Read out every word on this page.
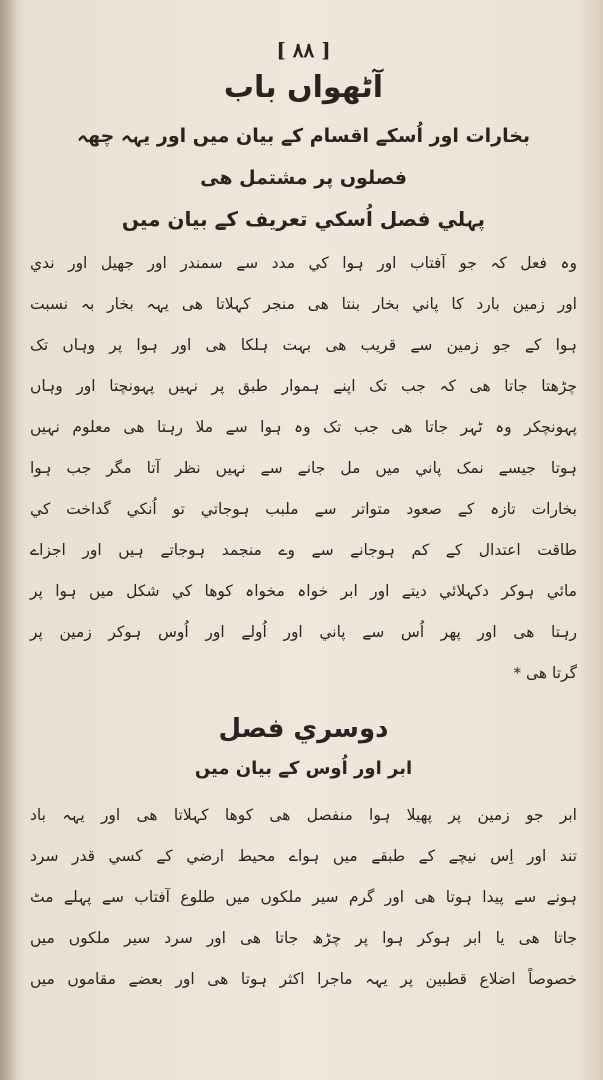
[ ۸۸ ]
آٹھواں باب
بخارات اور اُسکے اقسام کے بیان میں اور یہہ چھہ
فصلوں پر مشتمل ھی
پہلي فصل اُسکي تعریف کے بیان میں
وہ فعل کہ جو آفتاب اور ہوا کي مدد سے سمندر اور جھیل اور ندي
اور زمین بارد کا پاني بخار بنتا ھی منجر کہلاتا ھی یہہ بخار بہ نسبت
ہوا کے جو زمین سے قریب ھی بہت ہلکا ھی اور ہوا پر وہاں تک
چڑھتا جاتا ھی کہ جب تک اپنے ہموار طبق پر نہیں پہونچتا اور وہاں
پہونچکر وہ ٹہر جاتا ھی جب تک وہ ہوا سے ملا رہتا ھی معلوم نہیں
ہوتا جیسے نمک پاني میں مل جانے سے نہیں نظر آتا مگر جب ہوا
بخارات تازہ کے صعود متواتر سے ملبب ہوجاتي تو اُنکي گداخت کي
طاقت اعتدال کے کم ہوجانے سے وے منجمد ہوجاتے ہیں اور اجزاے
مائي ہوکر دکہلائي دیتے اور ابر خواہ مخواہ کوھا کي شکل میں ہوا پر
رہتا ھی اور پھر اُس سے پاني اور اُولے اور اُوس ہوکر زمین پر
گرتا ھی *
دوسري فصل
ابر اور اُوس کے بیان میں
ابر جو زمین پر پھیلا ہوا منفصل ھی کوھا کہلاتا ھی اور یہہ باد
تند اور اِس نیچے کے طبقے میں ہواے محیط ارضي کے کسي قدر سرد
ہونے سے پیدا ہوتا ھی اور گرم سیر ملکوں میں طلوع آفتاب سے پہلے مٹ
جاتا ھی یا ابر ہوکر ہوا پر چڑھ جاتا ھی اور سرد سیر ملکوں میں
خصوصاً اضلاع قطبین پر یہہ ماجرا اکثر ہوتا ھی اور بعضے مقاموں میں
